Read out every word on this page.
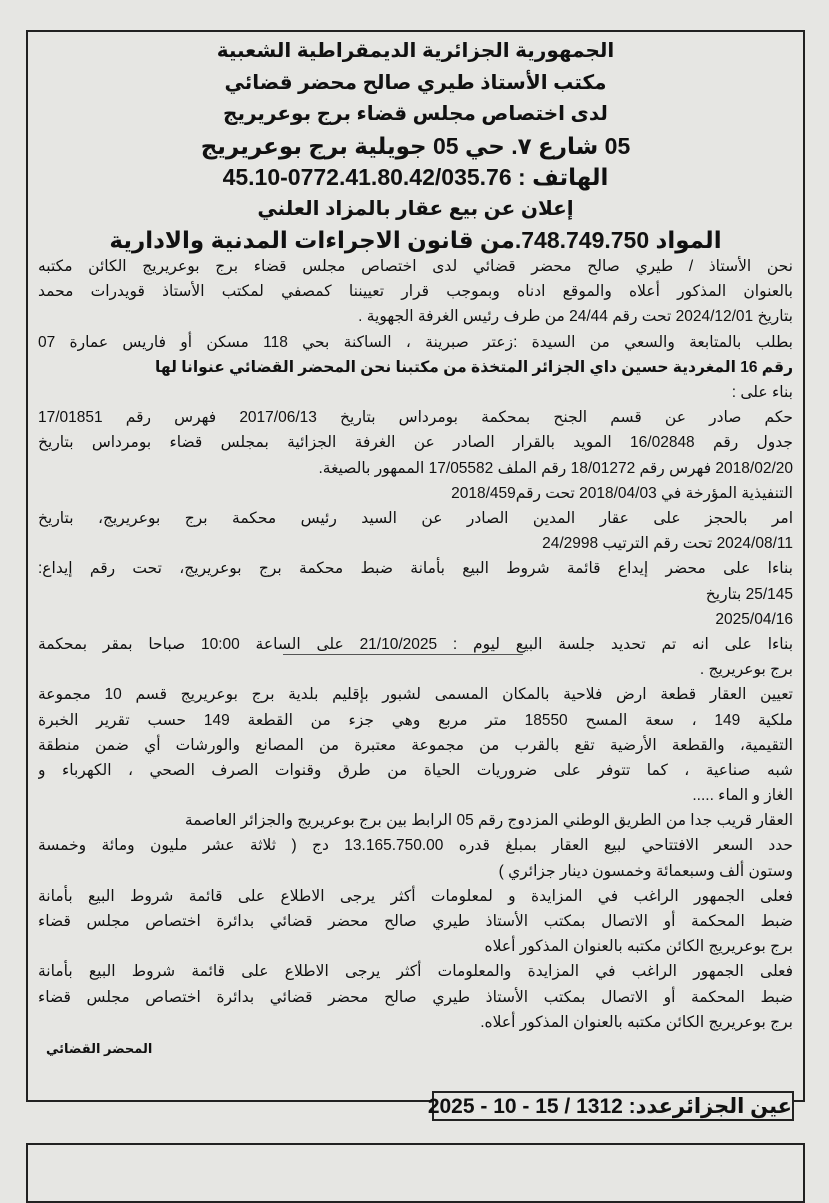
الجمهورية الجزائرية الديمقراطية الشعبية
مكتب الأستاذ طيري صالح محضر قضائي
لدى اختصاص مجلس قضاء برج بوعريريج
05 شارع ٧. حي 05 جويلية برج بوعريريج
الهاتف : 0772.41.80.42/035.76-45.10
إعلان عن بيع عقار بالمزاد العلني
المواد 748.749.750.من قانون الاجراءات المدنية والادارية
نحن الأستاذ / طيري صالح محضر قضائي لدى اختصاص مجلس قضاء برج بوعريريج الكائن مكتبه
بالعنوان المذكور أعلاه والموقع ادناه وبموجب قرار تعييننا كمصفي لمكتب الأستاذ قويدرات محمد
بتاريخ 2024/12/01 تحت رقم 24/44 من طرف رئيس الغرفة الجهوية .
بطلب بالمتابعة والسعي من السيدة :زعتر صبرينة ، الساكنة بحي 118 مسكن أو فاريس عمارة 07
رقم 16 المغردية حسين داي الجزائر المتخذة من مكتبنا نحن المحضر القضائي عنوانا لها
بناء على :
حكم صادر عن قسم الجنح بمحكمة بومرداس بتاريخ 2017/06/13 فهرس رقم 17/01851
جدول رقم 16/02848 المويد بالقرار الصادر عن الغرفة الجزائية بمجلس قضاء بومرداس بتاريخ
2018/02/20 فهرس رقم 18/01272 رقم الملف 17/05582 الممهور بالصيغة.
التنفيذية المؤرخة في 2018/04/03 تحت رقم2018/459
امر بالحجز على عقار المدين الصادر عن السيد رئيس محكمة برج بوعريريج، بتاريخ
2024/08/11 تحت رقم الترتيب 24/2998
بناءا على محضر إيداع قائمة شروط البيع بأمانة ضبط محكمة برج بوعريريج، تحت رقم إيداع:
25/145 بتاريخ
2025/04/16
بناءا على انه تم تحديد جلسة البيع ليوم : 21/10/2025 على الساعة 10:00 صباحا بمقر بمحكمة
برج بوعريريج .
تعيين العقار قطعة ارض فلاحية بالمكان المسمى لشبور بإقليم بلدية برج بوعريريج قسم 10 مجموعة
ملكية 149 ، سعة المسح 18550 متر مربع وهي جزء من القطعة 149 حسب تقرير الخبرة
التقيمية، والقطعة الأرضية تقع بالقرب من مجموعة معتبرة من المصانع والورشات أي ضمن منطقة
شبه صناعية ، كما تتوفر على ضروريات الحياة من طرق وقنوات الصرف الصحي ، الكهرباء و
الغاز و الماء .....
العقار قريب جدا من الطريق الوطني المزدوج رقم 05 الرابط بين برج بوعريريج والجزائر العاصمة
حدد السعر الافتتاحي لبيع العقار بمبلغ قدره 13.165.750.00 دج ( ثلاثة عشر مليون ومائة وخمسة
وستون ألف وسبعمائة وخمسون دينار جزائري )
فعلى الجمهور الراغب في المزايدة و لمعلومات أكثر يرجى الاطلاع على قائمة شروط البيع بأمانة
ضبط المحكمة أو الاتصال بمكتب الأستاذ طيري صالح محضر قضائي بدائرة اختصاص مجلس قضاء
برج بوعريريج الكائن مكتبه بالعنوان المذكور أعلاه
فعلى الجمهور الراغب في المزايدة والمعلومات أكثر يرجى الاطلاع على قائمة شروط البيع بأمانة
ضبط المحكمة أو الاتصال بمكتب الأستاذ طيري صالح محضر قضائي بدائرة اختصاص مجلس قضاء
برج بوعريريج الكائن مكتبه بالعنوان المذكور أعلاه.
المحضر القضائي
عين الجزائرعدد: 1312 / 15 - 10 - 2025
